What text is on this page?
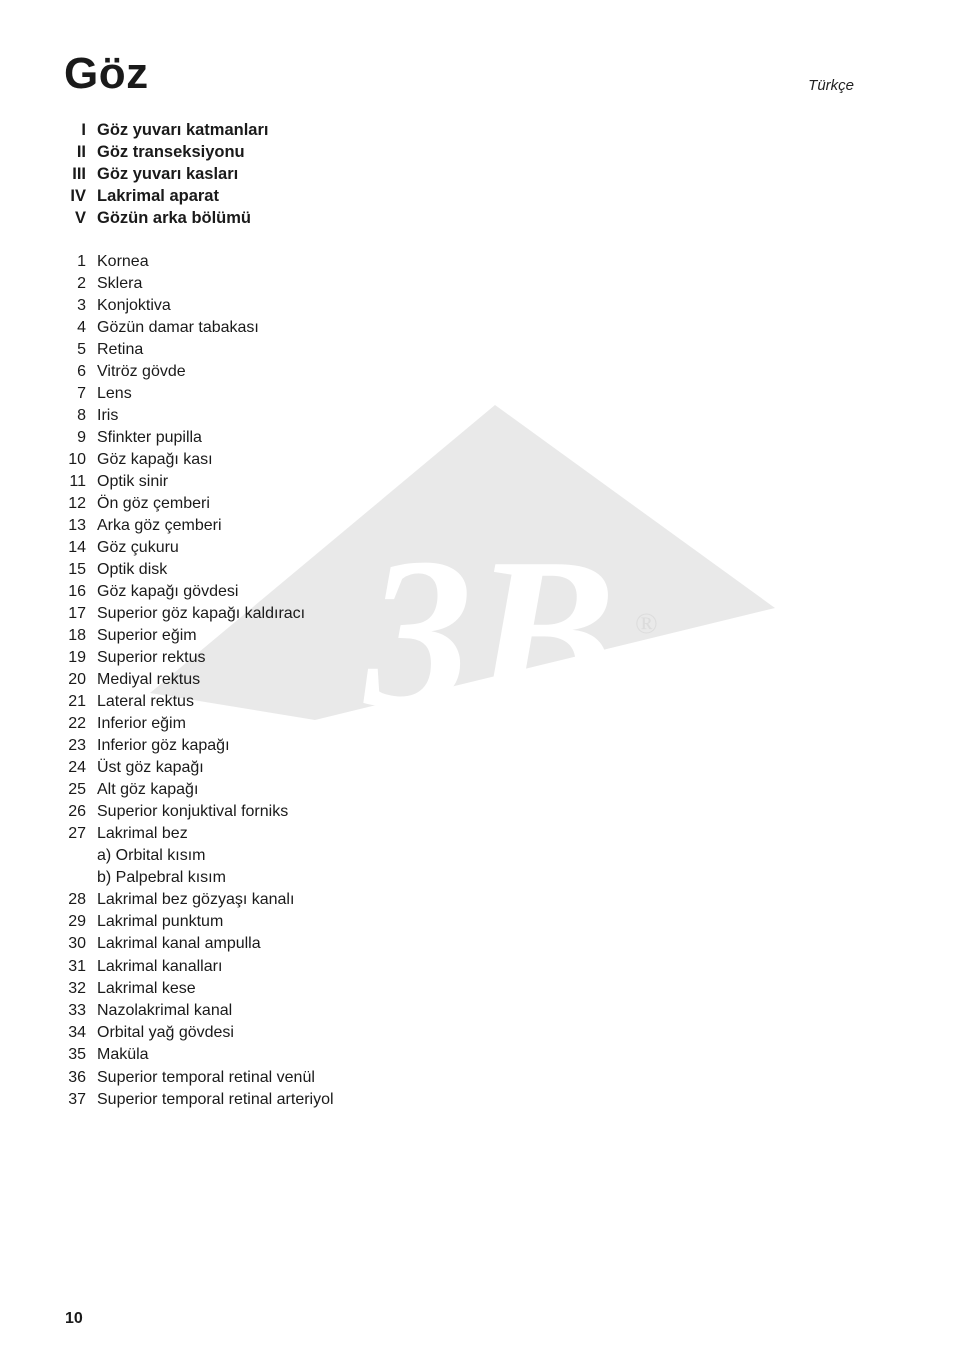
Göz	Türkçe
3B ®
I Göz yuvarı katmanları
II Göz transeksiyonu
III Göz yuvarı kasları
IV Lakrimal aparat
V Gözün arka bölümü
1 Kornea
2 Sklera
3 Konjoktiva
4 Gözün damar tabakası
5 Retina
6 Vitröz gövde
7 Lens
8 Iris
9 Sfinkter pupilla
10 Göz kapağı kası
11 Optik sinir
12 Ön göz çemberi
13 Arka göz çemberi
14 Göz çukuru
15 Optik disk
16 Göz kapağı gövdesi
17 Superior göz kapağı kaldıracı
18 Superior eğim
19 Superior rektus
20 Mediyal rektus
21 Lateral rektus
22 Inferior eğim
23 Inferior göz kapağı
24 Üst göz kapağı
25 Alt göz kapağı
26 Superior konjuktival forniks
27 Lakrimal bez
a) Orbital kısım
b) Palpebral kısım
28 Lakrimal bez gözyaşı kanalı
29 Lakrimal punktum
30 Lakrimal kanal ampulla
31 Lakrimal kanalları
32 Lakrimal kese
33 Nazolakrimal kanal
34 Orbital yağ gövdesi
35 Maküla
36 Superior temporal retinal venül
37 Superior temporal retinal arteriyol
10
